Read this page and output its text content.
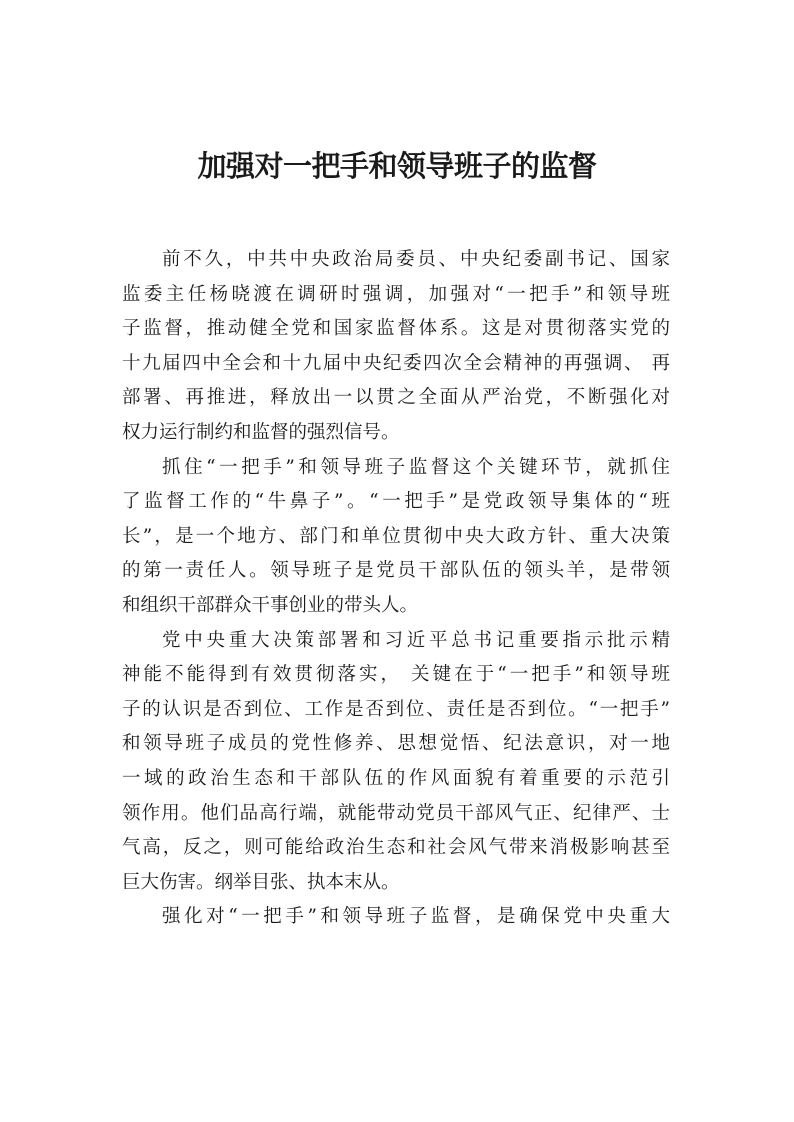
加强对一把手和领导班子的监督

前不久，中共中央政治局委员、中央纪委副书记、国家
监委主任杨晓渡在调研时强调，加强对“一把手”和领导班
子监督，推动健全党和国家监督体系。这是对贯彻落实党的
十九届四中全会和十九届中央纪委四次全会精神的再强调、 再
部署、再推进，释放出一以贯之全面从严治党，不断强化对
权力运行制约和监督的强烈信号。

抓住“一把手”和领导班子监督这个关键环节，就抓住
了监督工作的“牛鼻子”。“一把手”是党政领导集体的“班
长”，是一个地方、部门和单位贯彻中央大政方针、重大决策
的第一责任人。领导班子是党员干部队伍的领头羊，是带领
和组织干部群众干事创业的带头人。

党中央重大决策部署和习近平总书记重要指示批示精
神能不能得到有效贯彻落实， 关键在于“一把手”和领导班
子的认识是否到位、工作是否到位、责任是否到位。“一把手”
和领导班子成员的党性修养、思想觉悟、纪法意识，对一地
一域的政治生态和干部队伍的作风面貌有着重要的示范引
领作用。他们品高行端，就能带动党员干部风气正、纪律严、士
气高，反之，则可能给政治生态和社会风气带来消极影响甚至
巨大伤害。纲举目张、执本末从。

强化对“一把手”和领导班子监督，是确保党中央重大
